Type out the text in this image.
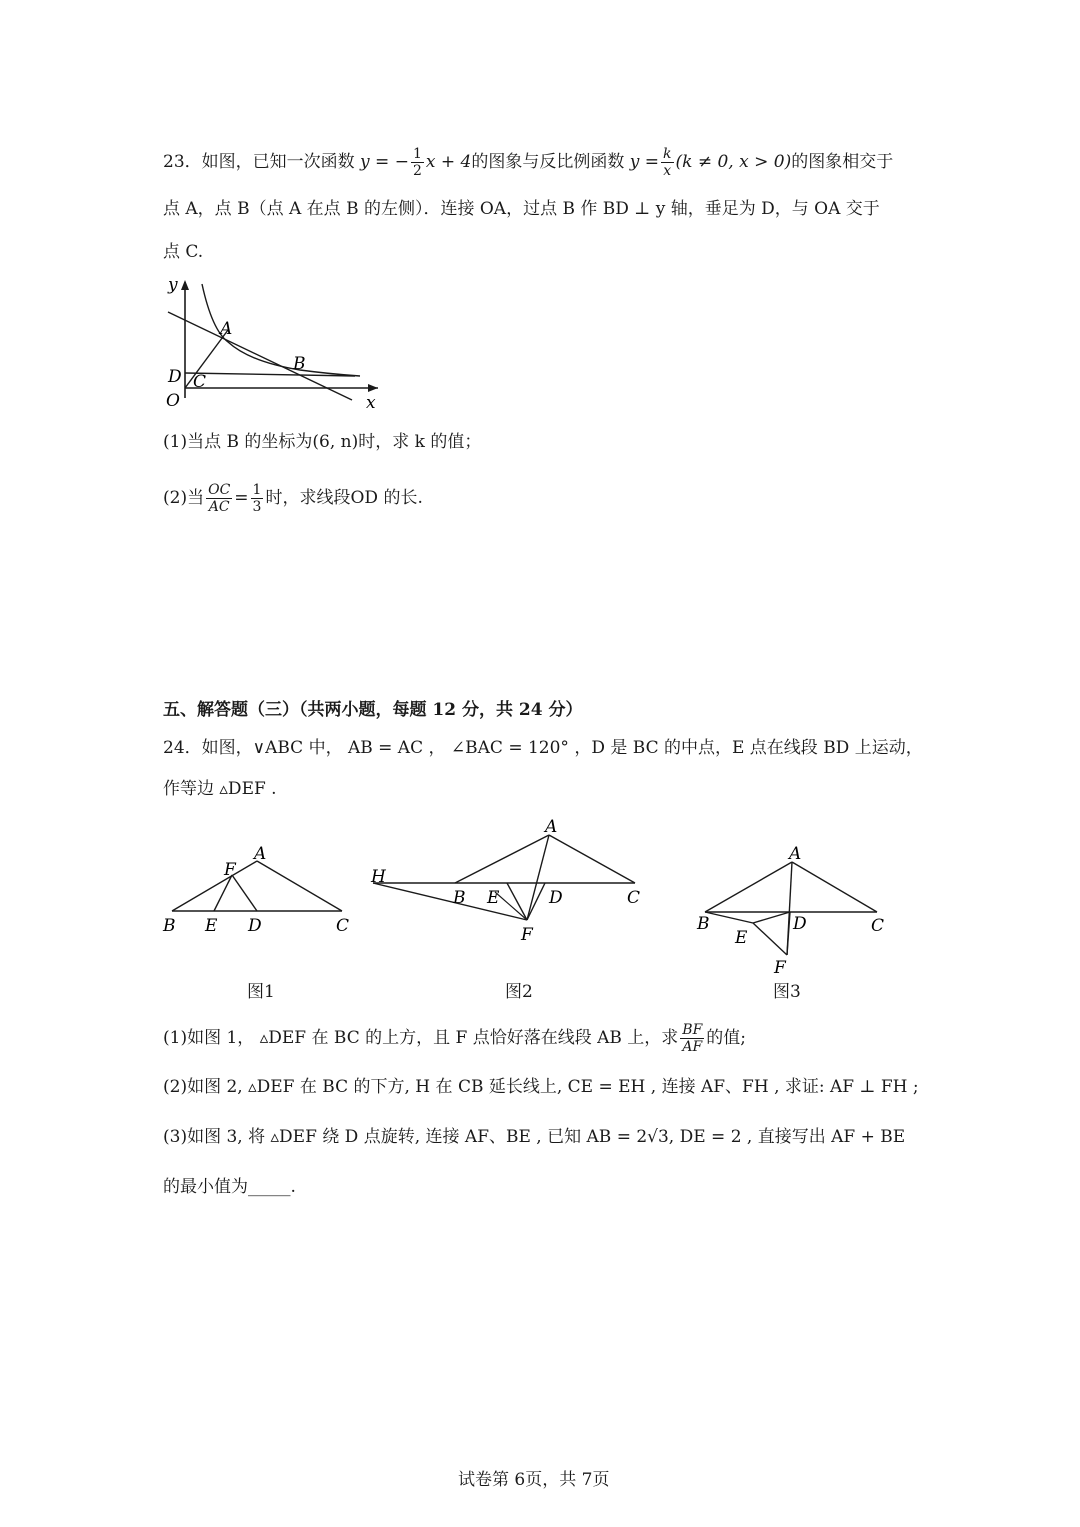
23．如图，已知一次函数 y = − $\frac{1}{2}$ x + 4的图象与反比例函数 $y = \frac{k}{x} (k \ne 0$, x > 0)的图象相交于
点 A，点 B（点 A 在点 B 的左侧）．连接 OA，过点 B 作 BD ⊥ y 轴，垂足为 D，与 OA 交于
点 C.
y
x
A
B
C
D
O
(1)当点 B 的坐标为(6, n)时，求 k 的值；
(2)当 $\frac{OC}{AC} = \frac{1}{3}$ 时，求线段OD 的长.
五、解答题（三）（共两小题，每题 12 分，共 24 分）
24．如图，∨ABC 中， AB = AC ， ∠BAC = 120° ，D 是 BC 的中点，E 点在线段 BD 上运动，
作等边 ▵DEF .
A
B	C
D
E
F
图1
A
B	C
D
E
F
H
图2
A
B	C
D
E
F
图3
(1)如图 1， ▵DEF 在 BC 的上方，且 F 点恰好落在线段 AB 上，求 $\frac{BF}{AF}$ 的值;
(2)如图 2, ▵DEF 在 BC 的下方, H 在 CB 延长线上, CE = EH , 连接 AF、FH , 求证: AF ⊥ FH ;
(3)如图 3, 将 ▵DEF 绕 D 点旋转, 连接 AF、BE , 已知 AB = 2√3, DE = 2 , 直接写出 AF + BE
的最小值为_____.
试卷第 6页，共 7页
